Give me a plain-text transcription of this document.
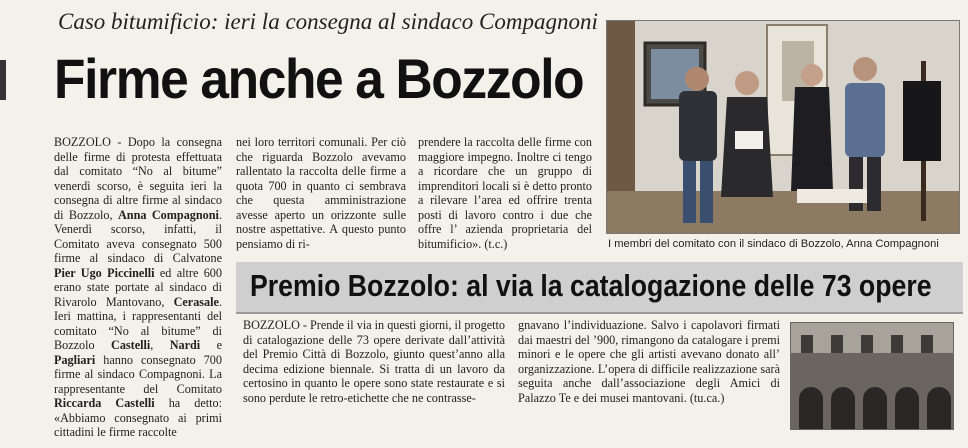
Caso bitumificio: ieri la consegna al sindaco Compagnoni
Firme anche a Bozzolo
BOZZOLO - Dopo la consegna delle firme di protesta effettuata dal comitato “No al bitume” venerdì scorso, è seguita ieri la consegna di altre firme al sindaco di Bozzolo, Anna Compagnoni. Venerdì scorso, infatti, il Comitato aveva consegnato 500 firme al sindaco di Calvatone Pier Ugo Piccinelli ed altre 600 erano state portate al sindaco di Rivarolo Mantovano, Cerasale. Ieri mattina, i rappresentanti del comitato “No al bitume” di Bozzolo Castelli, Nardi e Pagliari hanno consegnato 700 firme al sindaco Compagnoni. La rappresentante del Comitato Riccarda Castelli ha detto: «Abbiamo consegnato ai primi cittadini le firme raccolte
nei loro territori comunali. Per ciò che riguarda Bozzolo avevamo rallentato la raccolta delle firme a quota 700 in quanto ci sembrava che questa amministrazione avesse aperto un orizzonte sulle nostre aspettative. A questo punto pensiamo di ri-
prendere la raccolta delle firme con maggiore impegno. Inoltre ci tengo a ricordare che un gruppo di imprenditori locali si è detto pronto a rilevare l’area ed offrire trenta posti di lavoro contro i due che offre l’ azienda proprietaria del bitumificio». (t.c.)	I membri del comitato con il sindaco di Bozzolo, Anna Compagnoni
Premio Bozzolo: al via la catalogazione delle 73 opere
BOZZOLO - Prende il via in questi giorni, il progetto di catalogazione delle 73 opere derivate dall’attività del Premio Città di Bozzolo, giunto quest’anno alla decima edizione biennale. Si tratta di un lavoro da certosino in quanto le opere sono state restaurate e si sono perdute le retro-etichette che ne contrasse-
gnavano l’individuazione. Salvo i capolavori firmati dai maestri del ’900, rimangono da catalogare i premi minori e le opere che gli artisti avevano donato all’ organizzazione. L’opera di difficile realizzazione sarà seguita anche dall’associazione degli Amici di Palazzo Te e dei musei mantovani. (tu.ca.)
